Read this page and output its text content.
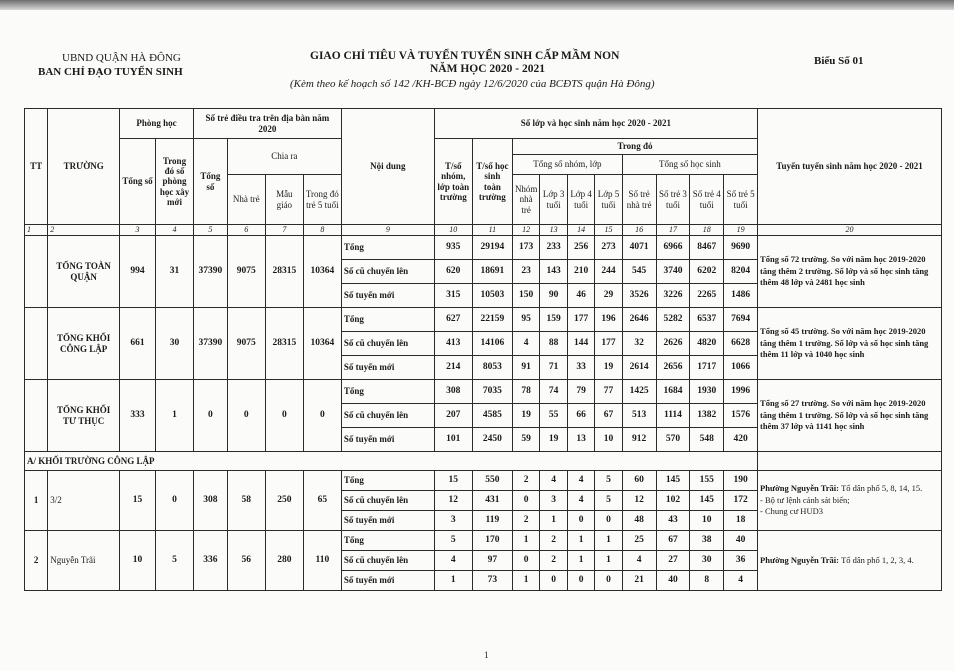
UBND QUẬN HÀ ĐÔNG
BAN CHỈ ĐẠO TUYỂN SINH
GIAO CHỈ TIÊU VÀ TUYỂN TUYỂN SINH CẤP MẦM NON
NĂM HỌC 2020 - 2021
(Kèm theo kế hoạch số 142 /KH-BCĐ ngày 12/6/2020 của BCĐTS quận Hà Đông)
Biểu Số 01
TT	TRƯỜNG	Phòng học		Số trẻ điều tra trên địa bàn năm 2020				Nội dung	Số lớp và học sinh năm học 2020 - 2021										Tuyển tuyển sinh năm học 2020 - 2021
		Tổng số	Trong đó số phòng học xây mới	Tổng số	Chia ra				T/số nhóm, lớp toàn trường	T/số học sinh toàn trường	Trong đó								
											Tổng số nhóm, lớp				Tổng số học sinh				
					Nhà trẻ	Mẫu giáo	Trong đó trẻ 5 tuổi				Nhóm nhà trẻ	Lớp 3 tuổi	Lớp 4 tuổi	Lớp 5 tuổi	Số trẻ nhà trẻ	Số trẻ 3 tuổi	Số trẻ 4 tuổi	Số trẻ 5 tuổi	
1	2	3	4	5	6	7	8	9	10	11	12	13	14	15	16	17	18	19	20
	TỔNG TOÀN QUẬN	994	31	37390	9075	28315	10364	Tổng	935	29194	173	233	256	273	4071	6966	8467	9690	Tổng số 72 trường. So với năm học 2019-2020 tăng thêm 2 trường. Số lớp và số học sinh tăng thêm 48 lớp và 2481 học sinh
								Số cũ chuyển lên	620	18691	23	143	210	244	545	3740	6202	8204	
								Số tuyển mới	315	10503	150	90	46	29	3526	3226	2265	1486	
	TỔNG KHỐI CÔNG LẬP	661	30	37390	9075	28315	10364	Tổng	627	22159	95	159	177	196	2646	5282	6537	7694	Tổng số 45 trường. So với năm học 2019-2020 tăng thêm 1 trường. Số lớp và số học sinh tăng thêm 11 lớp và 1040 học sinh
								Số cũ chuyển lên	413	14106	4	88	144	177	32	2626	4820	6628	
								Số tuyển mới	214	8053	91	71	33	19	2614	2656	1717	1066	
	TỔNG KHỐI TƯ THỤC	333	1	0	0	0	0	Tổng	308	7035	78	74	79	77	1425	1684	1930	1996	Tổng số 27 trường. So với năm học 2019-2020 tăng thêm 1 trường. Số lớp và số học sinh tăng thêm 37 lớp và 1141 học sinh
								Số cũ chuyển lên	207	4585	19	55	66	67	513	1114	1382	1576	
								Số tuyển mới	101	2450	59	19	13	10	912	570	548	420	
A/ KHỐI TRƯỜNG CÔNG LẬP																			
1	3/2	15	0	308	58	250	65	Tổng	15	550	2	4	4	5	60	145	155	190	Phường Nguyễn Trãi: Tổ dân phố 5, 8, 14, 15.
- Bộ tư lệnh cảnh sát biển;
- Chung cư HUD3

								Số cũ chuyển lên	12	431	0	3	4	5	12	102	145	172	
								Số tuyển mới	3	119	2	1	0	0	48	43	10	18	
2	Nguyễn Trãi	10	5	336	56	280	110	Tổng	5	170	1	2	1	1	25	67	38	40	Phường Nguyễn Trãi: Tổ dân phố 1, 2, 3, 4.
								Số cũ chuyển lên	4	97	0	2	1	1	4	27	30	36	
								Số tuyển mới	1	73	1	0	0	0	21	40	8	4	
1
